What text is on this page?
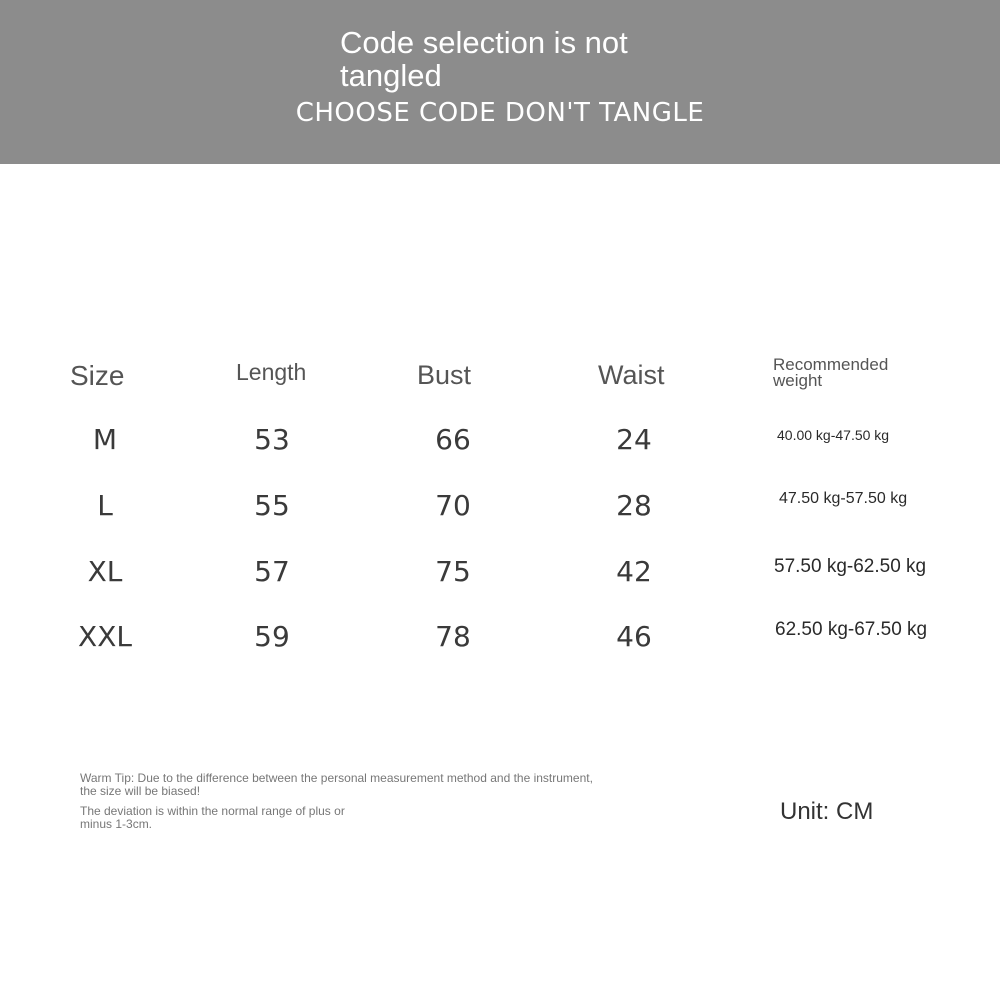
Code selection is not tangled
CHOOSE CODE DON'T TANGLE
Size	Length	Bust	Waist	Recommended weight
M	53	66	24	40.00 kg-47.50 kg
L	55	70	28	47.50 kg-57.50 kg
XL	57	75	42	57.50 kg-62.50 kg
XXL	59	78	46	62.50 kg-67.50 kg
Warm Tip: Due to the difference between the personal measurement method and the instrument, the size will be biased!
The deviation is within the normal range of plus or minus 1-3cm.	Unit: CM
